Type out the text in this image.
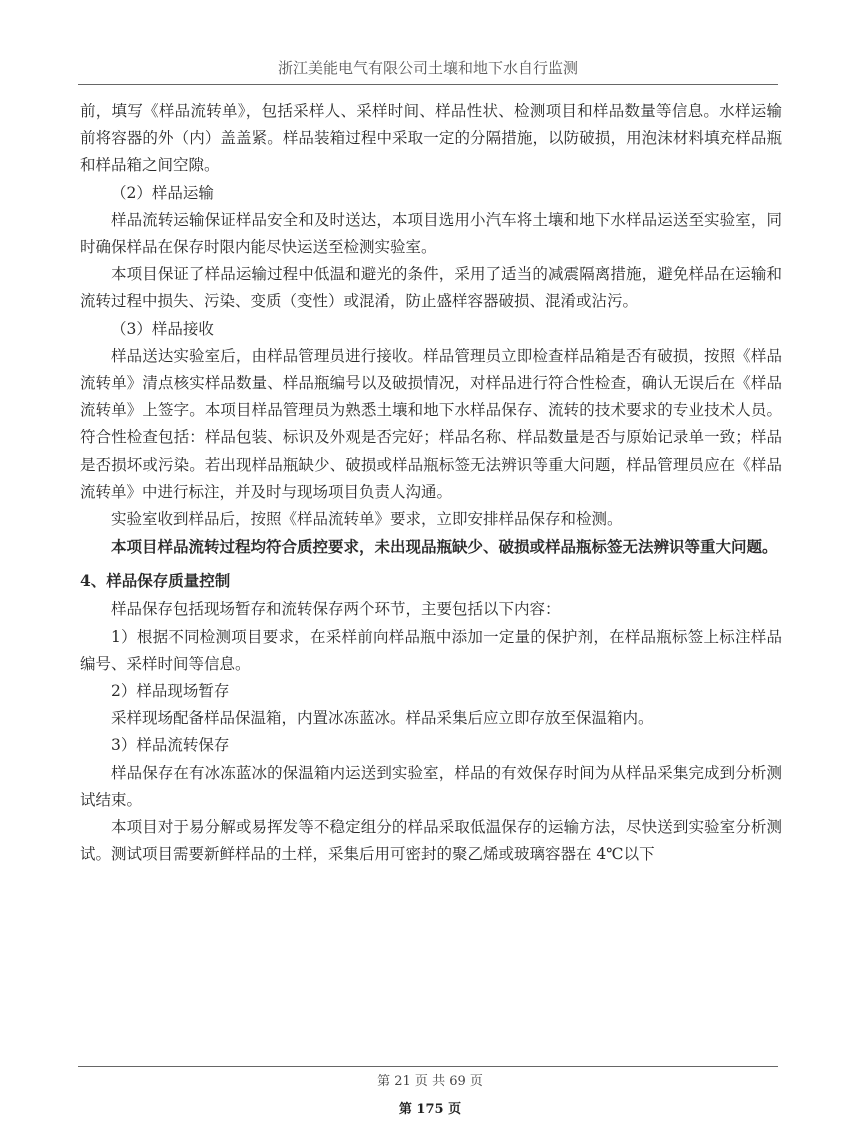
浙江美能电气有限公司土壤和地下水自行监测

前，填写《样品流转单》，包括采样人、采样时间、样品性状、检测项目和样品数量等信息。水样运输前将容器的外（内）盖盖紧。样品装箱过程中采取一定的分隔措施，以防破损，用泡沫材料填充样品瓶和样品箱之间空隙。

（2）样品运输

样品流转运输保证样品安全和及时送达，本项目选用小汽车将土壤和地下水样品运送至实验室，同时确保样品在保存时限内能尽快运送至检测实验室。

本项目保证了样品运输过程中低温和避光的条件，采用了适当的减震隔离措施，避免样品在运输和流转过程中损失、污染、变质（变性）或混淆，防止盛样容器破损、混淆或沾污。

（3）样品接收

样品送达实验室后，由样品管理员进行接收。样品管理员立即检查样品箱是否有破损，按照《样品流转单》清点核实样品数量、样品瓶编号以及破损情况，对样品进行符合性检查，确认无误后在《样品流转单》上签字。本项目样品管理员为熟悉土壤和地下水样品保存、流转的技术要求的专业技术人员。符合性检查包括：样品包装、标识及外观是否完好；样品名称、样品数量是否与原始记录单一致；样品是否损坏或污染。若出现样品瓶缺少、破损或样品瓶标签无法辨识等重大问题，样品管理员应在《样品流转单》中进行标注，并及时与现场项目负责人沟通。

实验室收到样品后，按照《样品流转单》要求，立即安排样品保存和检测。

本项目样品流转过程均符合质控要求，未出现品瓶缺少、破损或样品瓶标签无法辨识等重大问题。

4、样品保存质量控制

样品保存包括现场暂存和流转保存两个环节，主要包括以下内容：

1）根据不同检测项目要求，在采样前向样品瓶中添加一定量的保护剂，在样品瓶标签上标注样品编号、采样时间等信息。

2）样品现场暂存

采样现场配备样品保温箱，内置冰冻蓝冰。样品采集后应立即存放至保温箱内。

3）样品流转保存

样品保存在有冰冻蓝冰的保温箱内运送到实验室，样品的有效保存时间为从样品采集完成到分析测试结束。

本项目对于易分解或易挥发等不稳定组分的样品采取低温保存的运输方法，尽快送到实验室分析测试。测试项目需要新鲜样品的土样，采集后用可密封的聚乙烯或玻璃容器在 4℃以下

第 21 页 共 69 页
第 175 页
